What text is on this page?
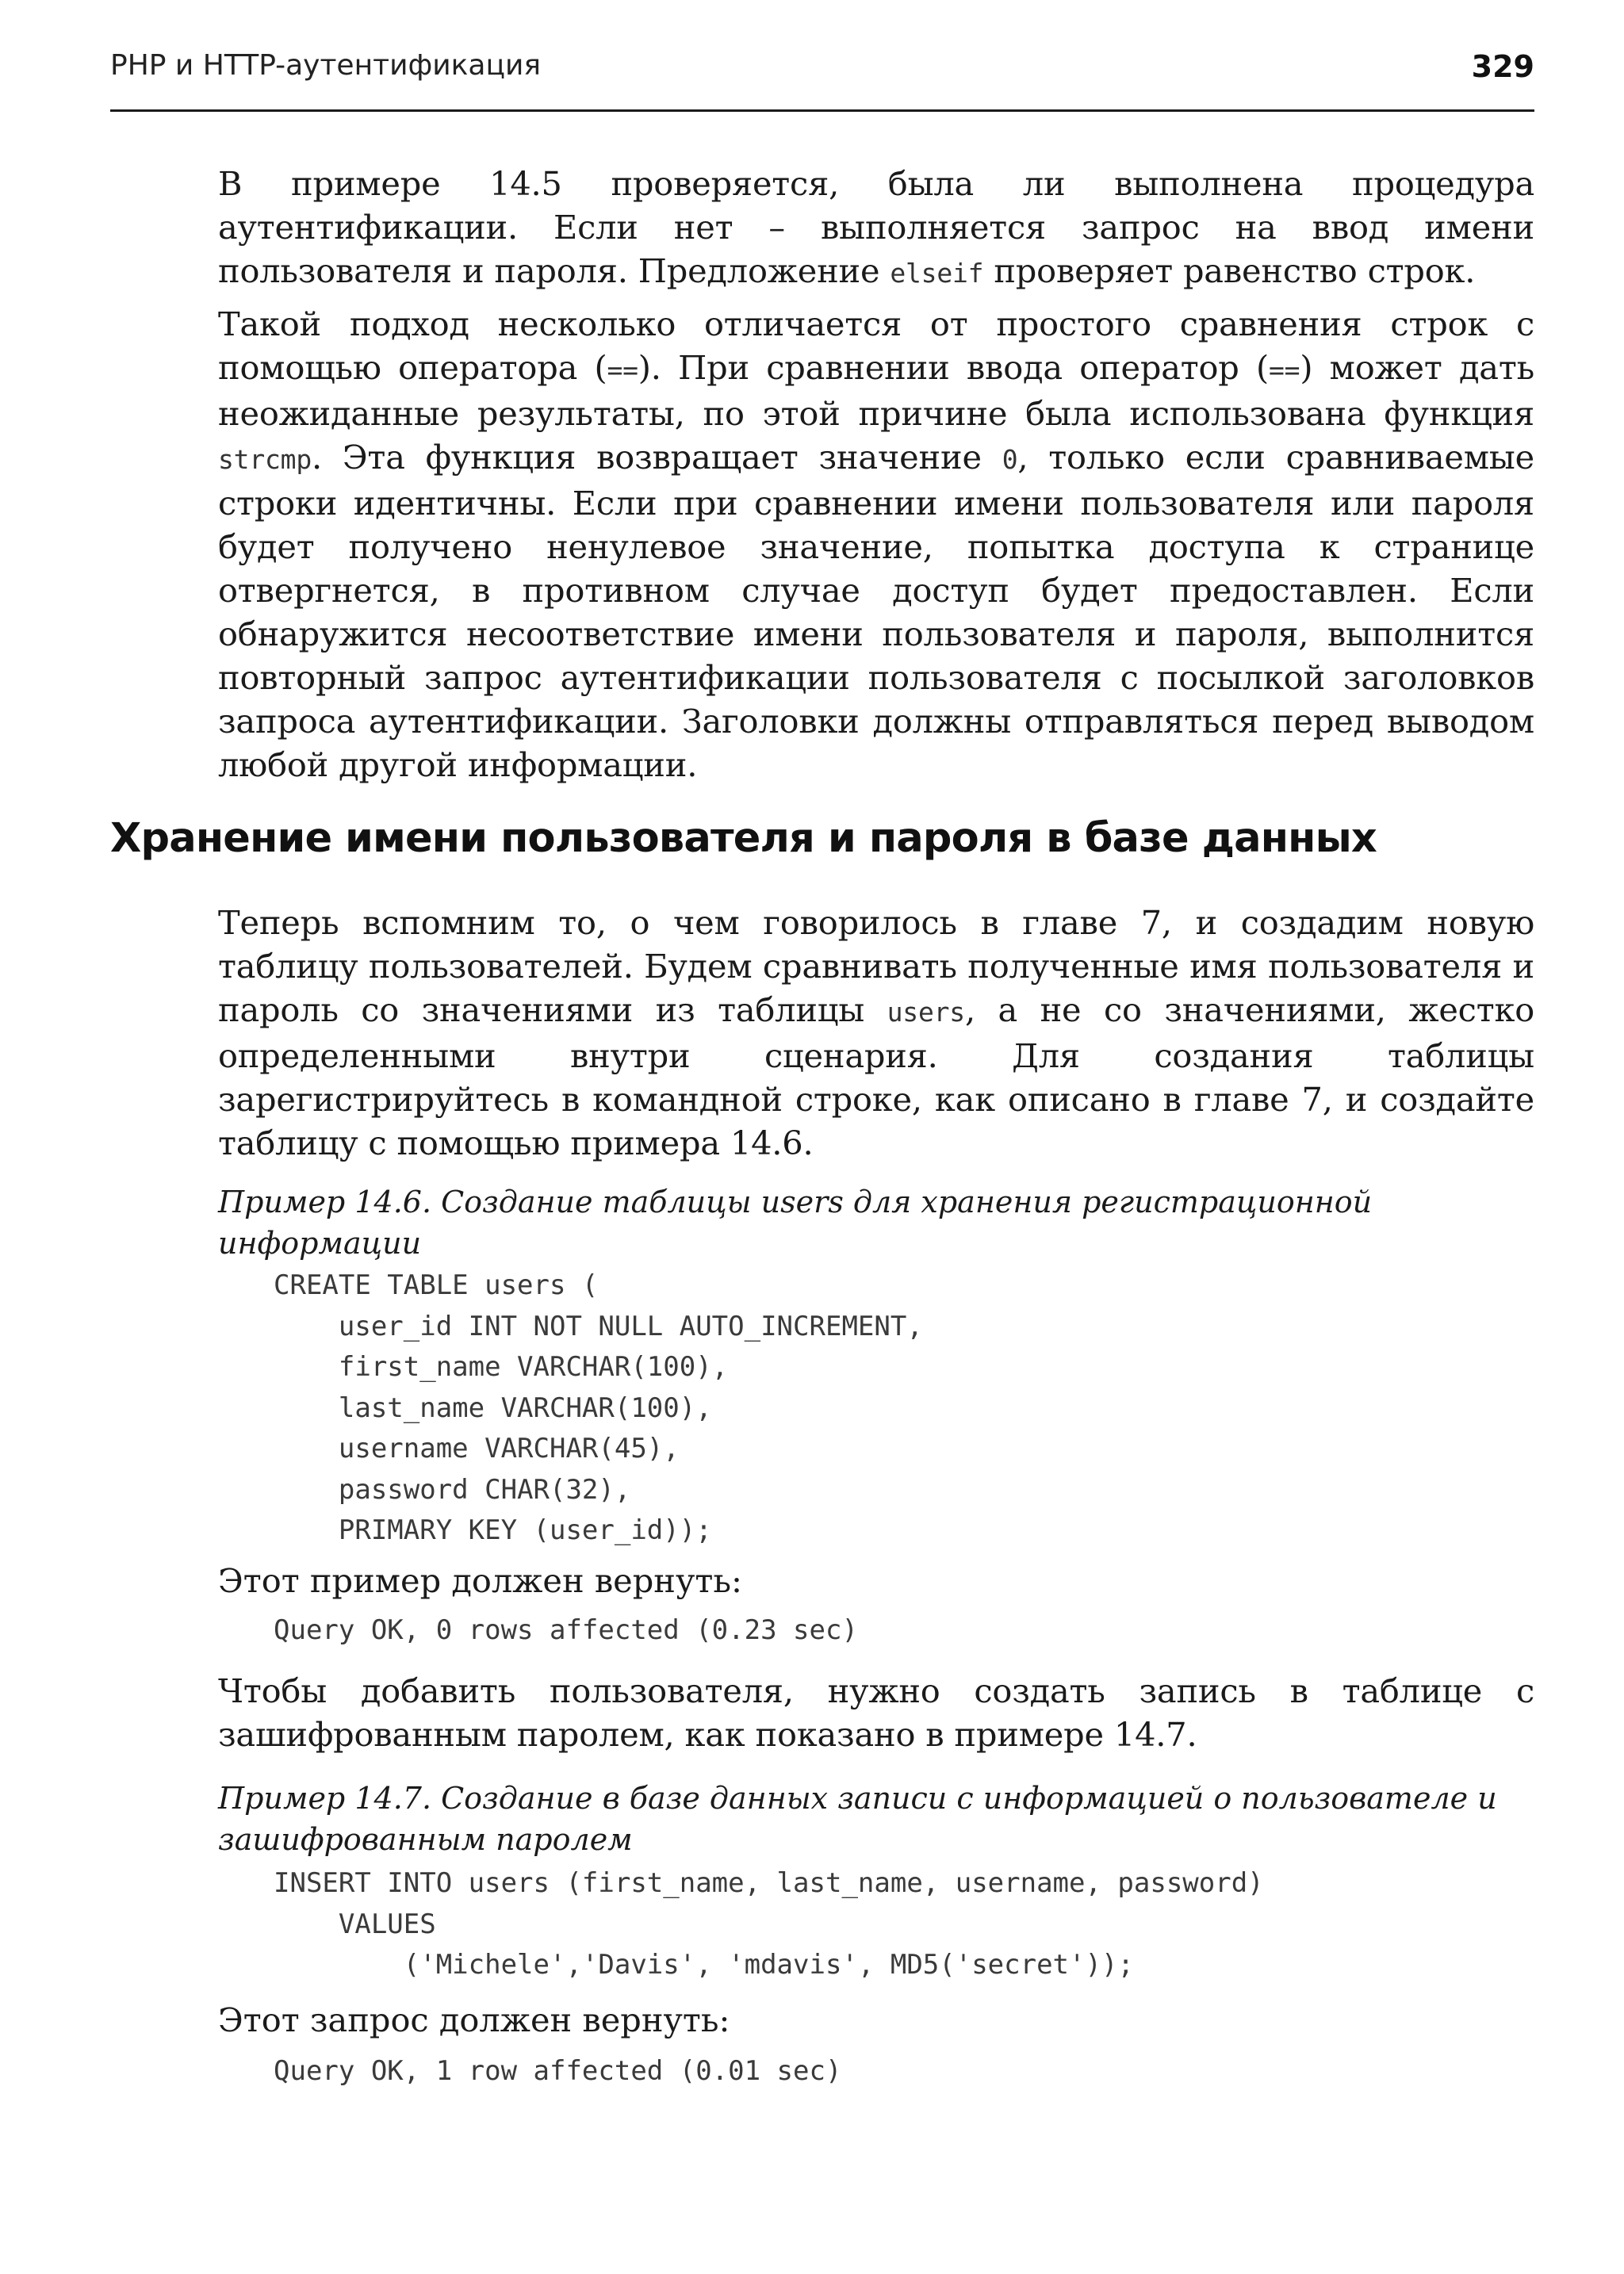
PHP и HTTP-аутентификация	329

В примере 14.5 проверяется, была ли выполнена процедура аутентификации. Если нет – выполняется запрос на ввод имени пользователя и пароля. Предложение elseif проверяет равенство строк.

Такой подход несколько отличается от простого сравнения строк с помощью оператора (==). При сравнении ввода оператор (==) может дать неожиданные результаты, по этой причине была использована функция strcmp. Эта функция возвращает значение 0, только если сравниваемые строки идентичны. Если при сравнении имени пользователя или пароля будет получено ненулевое значение, попытка доступа к странице отвергнется, в противном случае доступ будет предоставлен. Если обнаружится несоответствие имени пользователя и пароля, выполнится повторный запрос аутентификации пользователя с посылкой заголовков запроса аутентификации. Заголовки должны отправляться перед выводом любой другой информации.

Хранение имени пользователя и пароля в базе данных

Теперь вспомним то, о чем говорилось в главе 7, и создадим новую таблицу пользователей. Будем сравнивать полученные имя пользователя и пароль со значениями из таблицы users, а не со значениями, жестко определенными внутри сценария. Для создания таблицы зарегистрируйтесь в командной строке, как описано в главе 7, и создайте таблицу с помощью примера 14.6.

Пример 14.6. Создание таблицы users для хранения регистрационной информации

CREATE TABLE users (
user_id INT NOT NULL AUTO_INCREMENT,
first_name VARCHAR(100),
last_name VARCHAR(100),
username VARCHAR(45),
password CHAR(32),
PRIMARY KEY (user_id));

Этот пример должен вернуть:

Query OK, 0 rows affected (0.23 sec)

Чтобы добавить пользователя, нужно создать запись в таблице с зашифрованным паролем, как показано в примере 14.7.

Пример 14.7. Создание в базе данных записи с информацией о пользователе и зашифрованным паролем

INSERT INTO users (first_name, last_name, username, password)
VALUES
('Michele','Davis', 'mdavis', MD5('secret'));

Этот запрос должен вернуть:

Query OK, 1 row affected (0.01 sec)
